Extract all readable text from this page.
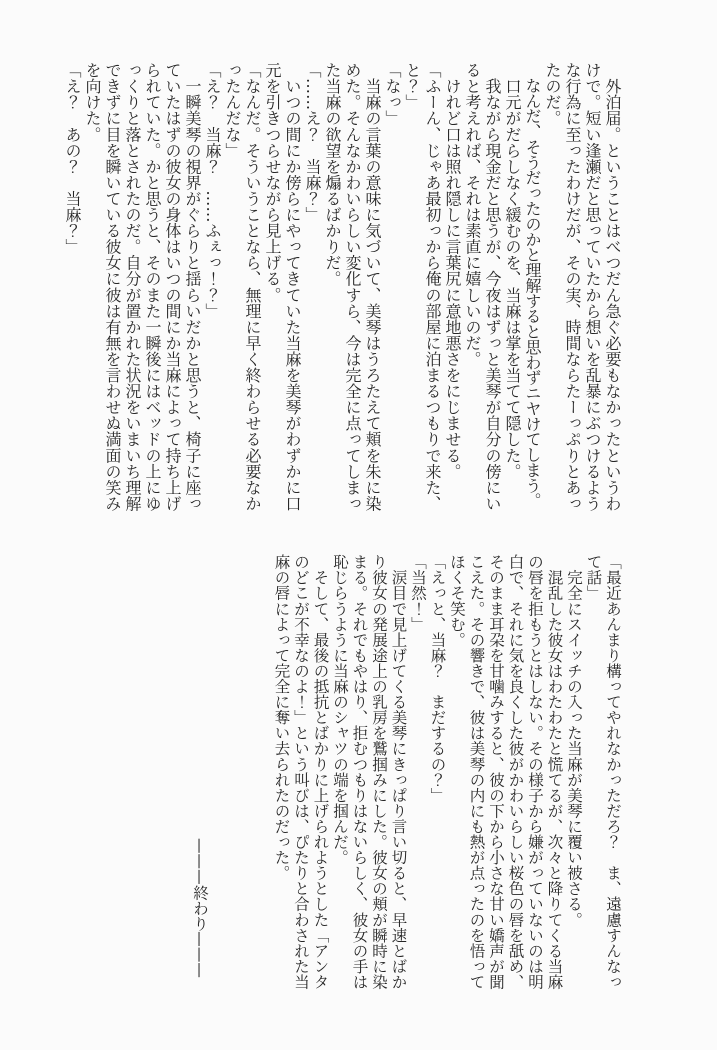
　外泊届。ということはべつだん急ぐ必要もなかったというわけで。短い逢瀬だと思っていたから想いを乱暴にぶつけるような行為に至ったわけだが、その実、時間ならたーっぷりとあったのだ。

　なんだ、そうだったのかと理解すると思わずニヤけてしまう。

　口元がだらしなく緩むのを、当麻は掌を当てて隠した。

　我ながら現金だと思うが、今夜はずっと美琴が自分の傍にいると考えれば、それは素直に嬉しいのだ。

　けれど口は照れ隠しに言葉尻に意地悪さをにじませる。

「ふーん、じゃあ最初っから俺の部屋に泊まるつもりで来た、と？」

「なっ」

　当麻の言葉の意味に気づいて、美琴はうろたえて頬を朱に染めた。そんなかわいらしい変化すら、今は完全に点ってしまった当麻の欲望を煽るばかりだ。

「……え？　当麻？」

　いつの間にか傍らにやってきていた当麻を美琴がわずかに口元を引きつらせながら見上げる。

「なんだ。そういうことなら、無理に早く終わらせる必要なかったんだな」

「え？　当麻？　……ふぇっ！？」

　一瞬美琴の視界がぐらりと揺らいだかと思うと、椅子に座っていたはずの彼女の身体はいつの間にか当麻によって持ち上げられていた。かと思うと、そのまた一瞬後にはベッドの上にゆっくりと落とされたのだ。自分が置かれた状況をいまいち理解できずに目を瞬いている彼女に彼は有無を言わせぬ満面の笑みを向けた。

「え？　あの？　当麻？」

「最近あんまり構ってやれなかっただろ？　ま、遠慮すんなって話」

　完全にスイッチの入った当麻が美琴に覆い被さる。

　混乱した彼女はわたわたと慌てるが、次々と降りてくる当麻の唇を拒もうとはしない。その様子から嫌がっていないのは明白で、それに気を良くした彼がかわいらしい桜色の唇を舐め、そのまま耳朶を甘噛みすると、彼の下から小さな甘い嬌声が聞こえた。その響きで、彼は美琴の内にも熱が点ったのを悟ってほくそ笑む。

「えっと、当麻？　まだするの？」

「当然！」

　涙目で見上げてくる美琴にきっぱり言い切ると、早速とばかり彼女の発展途上の乳房を鷲掴みにした。彼女の頬が瞬時に染まる。それでもやはり、拒むつもりはないらしく、彼女の手は恥じらうように当麻のシャツの端を掴んだ。

　そして、最後の抵抗とばかりに上げられようとした「アンタのどこが不幸なのよ！」という叫びは、ぴたりと合わされた当麻の唇によって完全に奪い去られたのだった。

———終わり———
